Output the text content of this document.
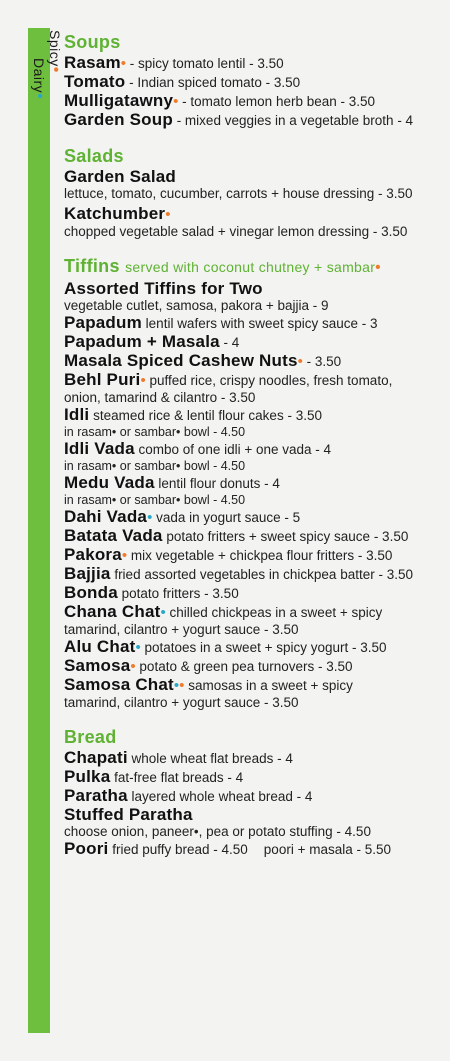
Spicy•
Dairy•
Soups
Rasam• - spicy tomato lentil - 3.50
Tomato - Indian spiced tomato - 3.50
Mulligatawny• - tomato lemon herb bean - 3.50
Garden Soup - mixed veggies in a vegetable broth - 4
Salads
Garden Salad
lettuce, tomato, cucumber, carrots + house dressing - 3.50
Katchumber•
chopped vegetable salad + vinegar lemon dressing - 3.50
Tiffins served with coconut chutney + sambar•
Assorted Tiffins for Two
vegetable cutlet, samosa, pakora + bajjia - 9
Papadum lentil wafers with sweet spicy sauce - 3
Papadum + Masala - 4
Masala Spiced Cashew Nuts• - 3.50
Behl Puri• puffed rice, crispy noodles, fresh tomato,
onion, tamarind & cilantro - 3.50
Idli steamed rice & lentil flour cakes - 3.50
in rasam• or sambar• bowl - 4.50
Idli Vada combo of one idli + one vada - 4
in rasam• or sambar• bowl - 4.50
Medu Vada lentil flour donuts - 4
in rasam• or sambar• bowl - 4.50
Dahi Vada• vada in yogurt sauce - 5
Batata Vada potato fritters + sweet spicy sauce - 3.50
Pakora• mix vegetable + chickpea flour fritters - 3.50
Bajjia fried assorted vegetables in chickpea batter - 3.50
Bonda potato fritters - 3.50
Chana Chat• chilled chickpeas in a sweet + spicy
tamarind, cilantro + yogurt sauce - 3.50
Alu Chat• potatoes in a sweet + spicy yogurt - 3.50
Samosa• potato & green pea turnovers - 3.50
Samosa Chat•• samosas in a sweet + spicy
tamarind, cilantro + yogurt sauce - 3.50
Bread
Chapati whole wheat flat breads - 4
Pulka fat-free flat breads - 4
Paratha layered whole wheat bread - 4
Stuffed Paratha
choose onion, paneer•, pea or potato stuffing - 4.50
Poori fried puffy bread - 4.50 poori + masala - 5.50
